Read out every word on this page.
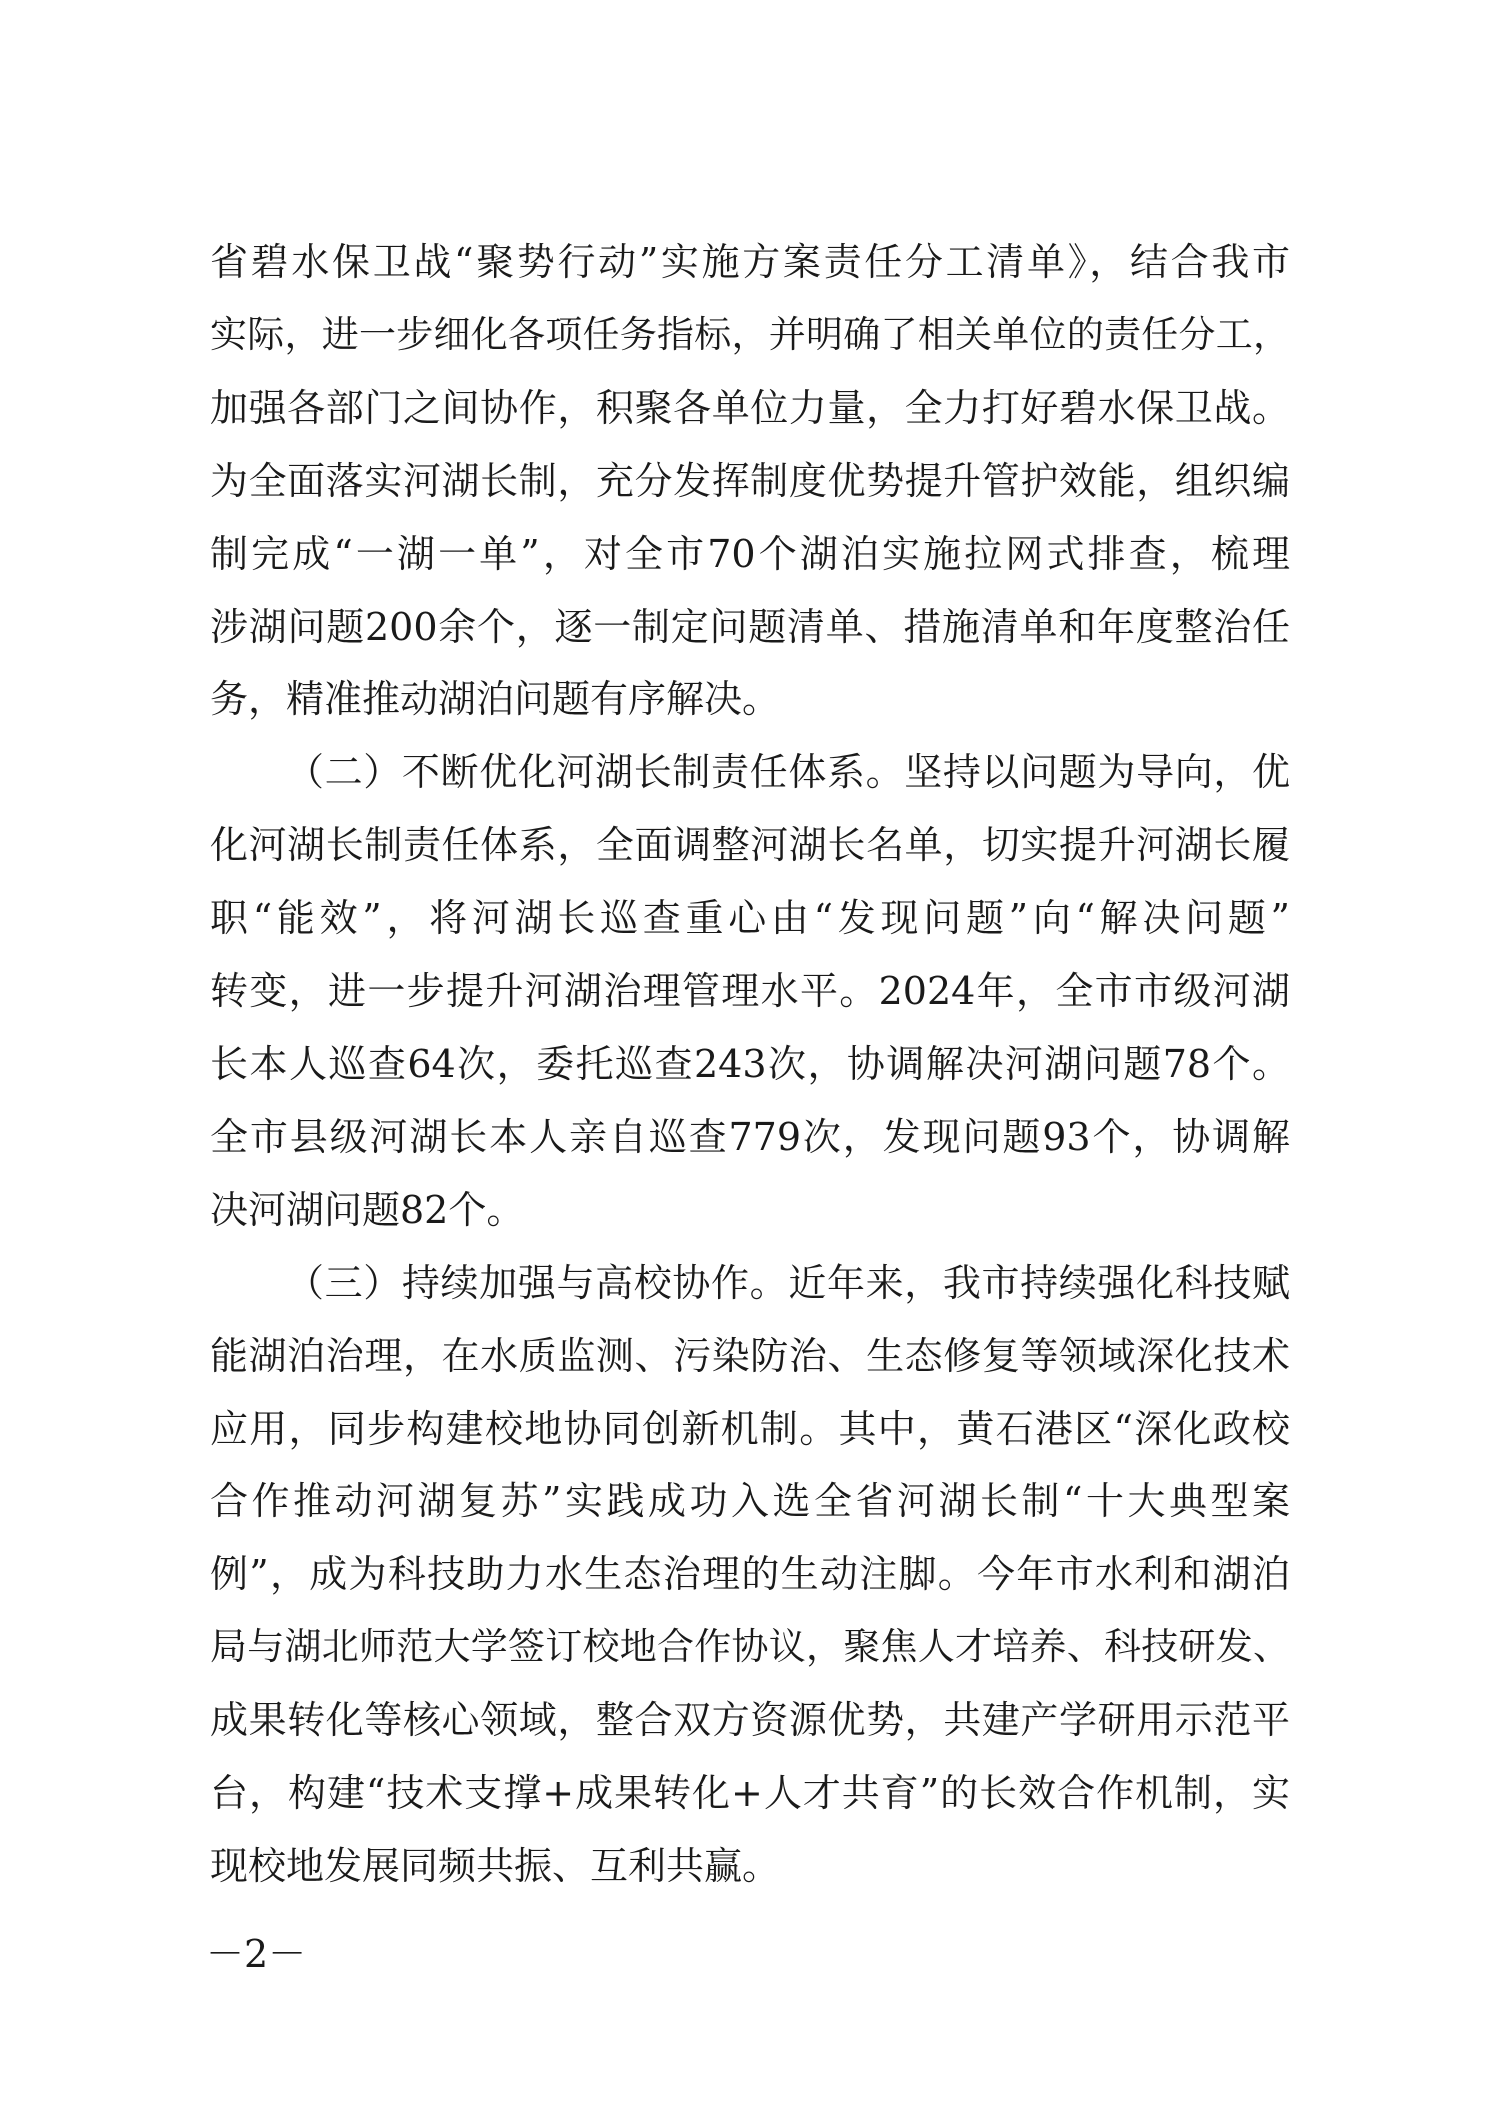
省碧水保卫战“聚势行动”实施方案责任分工清单》，结合我市
实际，进一步细化各项任务指标，并明确了相关单位的责任分工，
加强各部门之间协作，积聚各单位力量，全力打好碧水保卫战。
为全面落实河湖长制，充分发挥制度优势提升管护效能，组织编
制完成“一湖一单”，对全市70个湖泊实施拉网式排查，梳理
涉湖问题200余个，逐一制定问题清单、措施清单和年度整治任
务，精准推动湖泊问题有序解决。
（二）不断优化河湖长制责任体系。坚持以问题为导向，优
化河湖长制责任体系，全面调整河湖长名单，切实提升河湖长履
职“能效”，将河湖长巡查重心由“发现问题”向“解决问题”
转变，进一步提升河湖治理管理水平。2024年，全市市级河湖
长本人巡查64次，委托巡查243次，协调解决河湖问题78个。
全市县级河湖长本人亲自巡查779次，发现问题93个，协调解
决河湖问题82个。
（三）持续加强与高校协作。近年来，我市持续强化科技赋
能湖泊治理，在水质监测、污染防治、生态修复等领域深化技术
应用，同步构建校地协同创新机制。其中，黄石港区“深化政校
合作推动河湖复苏”实践成功入选全省河湖长制“十大典型案
例”，成为科技助力水生态治理的生动注脚。今年市水利和湖泊
局与湖北师范大学签订校地合作协议，聚焦人才培养、科技研发、
成果转化等核心领域，整合双方资源优势，共建产学研用示范平
台，构建“技术支撑+成果转化+人才共育”的长效合作机制，实
现校地发展同频共振、互利共赢。
－2－
